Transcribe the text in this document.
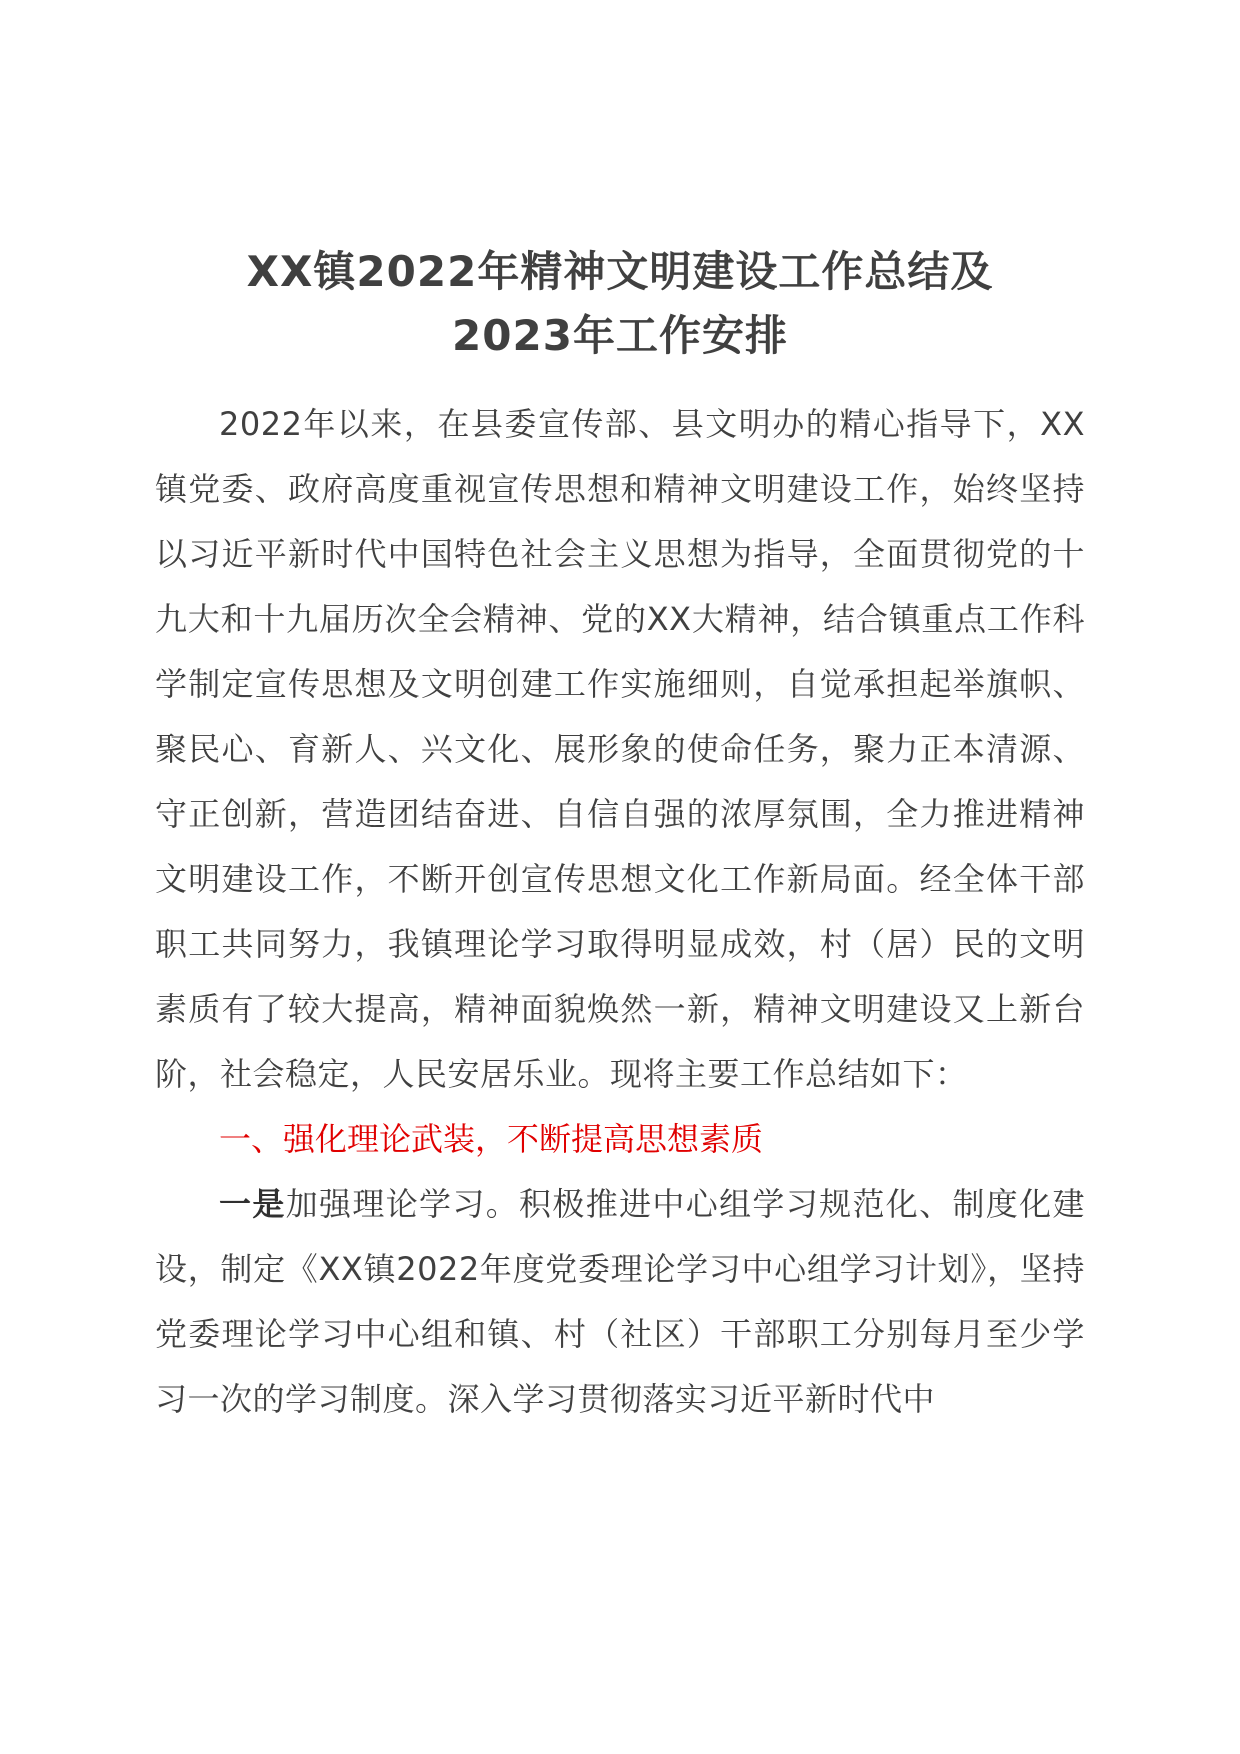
XX镇2022年精神文明建设工作总结及
2023年工作安排

2022年以来，在县委宣传部、县文明办的精心指导下，XX镇党委、政府高度重视宣传思想和精神文明建设工作，始终坚持以习近平新时代中国特色社会主义思想为指导，全面贯彻党的十九大和十九届历次全会精神、党的XX大精神，结合镇重点工作科学制定宣传思想及文明创建工作实施细则，自觉承担起举旗帜、聚民心、育新人、兴文化、展形象的使命任务，聚力正本清源、守正创新，营造团结奋进、自信自强的浓厚氛围，全力推进精神文明建设工作，不断开创宣传思想文化工作新局面。经全体干部职工共同努力，我镇理论学习取得明显成效，村（居）民的文明素质有了较大提高，精神面貌焕然一新，精神文明建设又上新台阶，社会稳定，人民安居乐业。现将主要工作总结如下：

一、强化理论武装，不断提高思想素质

一是加强理论学习。积极推进中心组学习规范化、制度化建设，制定《XX镇2022年度党委理论学习中心组学习计划》，坚持党委理论学习中心组和镇、村（社区）干部职工分别每月至少学习一次的学习制度。深入学习贯彻落实习近平新时代中
